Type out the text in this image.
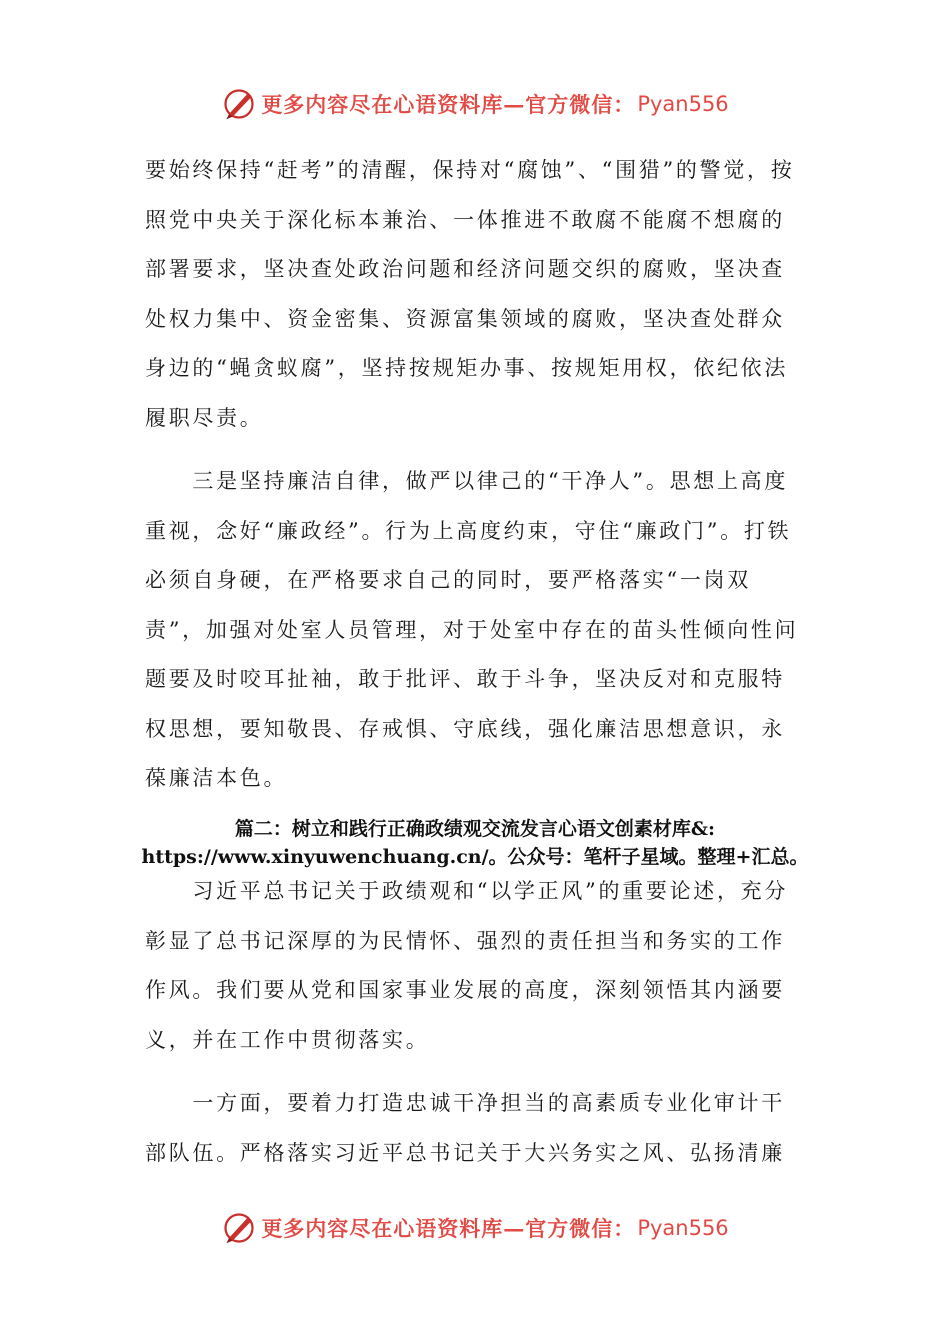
更多内容尽在心语资料库—官方微信： Pyan556

要始终保持“赶考”的清醒，保持对“腐蚀”、“围猎”的警觉，按照党中央关于深化标本兼治、一体推进不敢腐不能腐不想腐的部署要求，坚决查处政治问题和经济问题交织的腐败，坚决查处权力集中、资金密集、资源富集领域的腐败，坚决查处群众身边的“蝇贪蚁腐”，坚持按规矩办事、按规矩用权，依纪依法履职尽责。

　　三是坚持廉洁自律，做严以律己的“干净人”。思想上高度重视，念好“廉政经”。行为上高度约束，守住“廉政门”。打铁必须自身硬，在严格要求自己的同时，要严格落实“一岗双责”，加强对处室人员管理，对于处室中存在的苗头性倾向性问题要及时咬耳扯袖，敢于批评、敢于斗争，坚决反对和克服特权思想，要知敬畏、存戒惧、守底线，强化廉洁思想意识，永葆廉洁本色。

篇二：树立和践行正确政绩观交流发言心语文创素材库&:
https://www.xinyuwenchuang.cn/。公众号：笔杆子星域。整理+汇总。

　　习近平总书记关于政绩观和“以学正风”的重要论述，充分彰显了总书记深厚的为民情怀、强烈的责任担当和务实的工作作风。我们要从党和国家事业发展的高度，深刻领悟其内涵要义，并在工作中贯彻落实。

　　一方面，要着力打造忠诚干净担当的高素质专业化审计干部队伍。严格落实习近平总书记关于大兴务实之风、弘扬清廉

更多内容尽在心语资料库—官方微信： Pyan556
